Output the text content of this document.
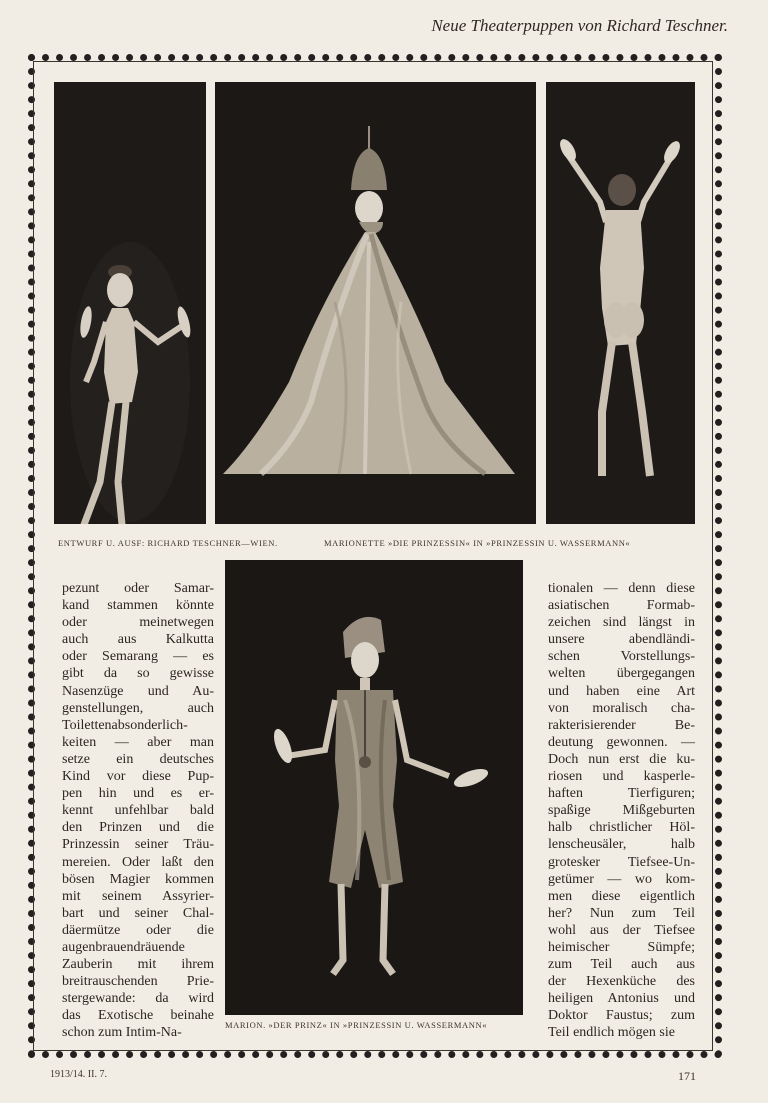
Neue Theaterpuppen von Richard Teschner.

ENTWURF U. AUSF: RICHARD TESCHNER—WIEN.	MARIONETTE »DIE PRINZESSIN« IN »PRINZESSIN U. WASSERMANN«

MARION. »DER PRINZ« IN »PRINZESSIN U. WASSERMANN«

pezunt oder Samar-
kand stammen könnte
oder meinetwegen
auch aus Kalkutta
oder Semarang — es
gibt da so gewisse
Nasenzüge und Au-
genstellungen, auch
Toilettenabsonderlich-
keiten — aber man
setze ein deutsches
Kind vor diese Pup-
pen hin und es er-
kennt unfehlbar bald
den Prinzen und die
Prinzessin seiner Träu-
mereien. Oder laßt den
bösen Magier kommen
mit seinem Assyrier-
bart und seiner Chal-
däermütze oder die
augenbrauendräuende
Zauberin mit ihrem
breitrauschenden Prie-
stergewande: da wird
das Exotische beinahe
schon zum Intim-Na-
tionalen — denn diese
asiatischen Formab-
zeichen sind längst in
unsere abendländi-
schen Vorstellungs-
welten übergegangen
und haben eine Art
von moralisch cha-
rakterisierender Be-
deutung gewonnen. —
Doch nun erst die ku-
riosen und kasperle-
haften Tierfiguren;
spaßige Mißgeburten
halb christlicher Höl-
lenscheusäler, halb
grotesker Tiefsee-Un-
getümer — wo kom-
men diese eigentlich
her? Nun zum Teil
wohl aus der Tiefsee
heimischer Sümpfe;
zum Teil auch aus
der Hexenküche des
heiligen Antonius und
Doktor Faustus; zum
Teil endlich mögen sie

1913/14. II. 7.	171
